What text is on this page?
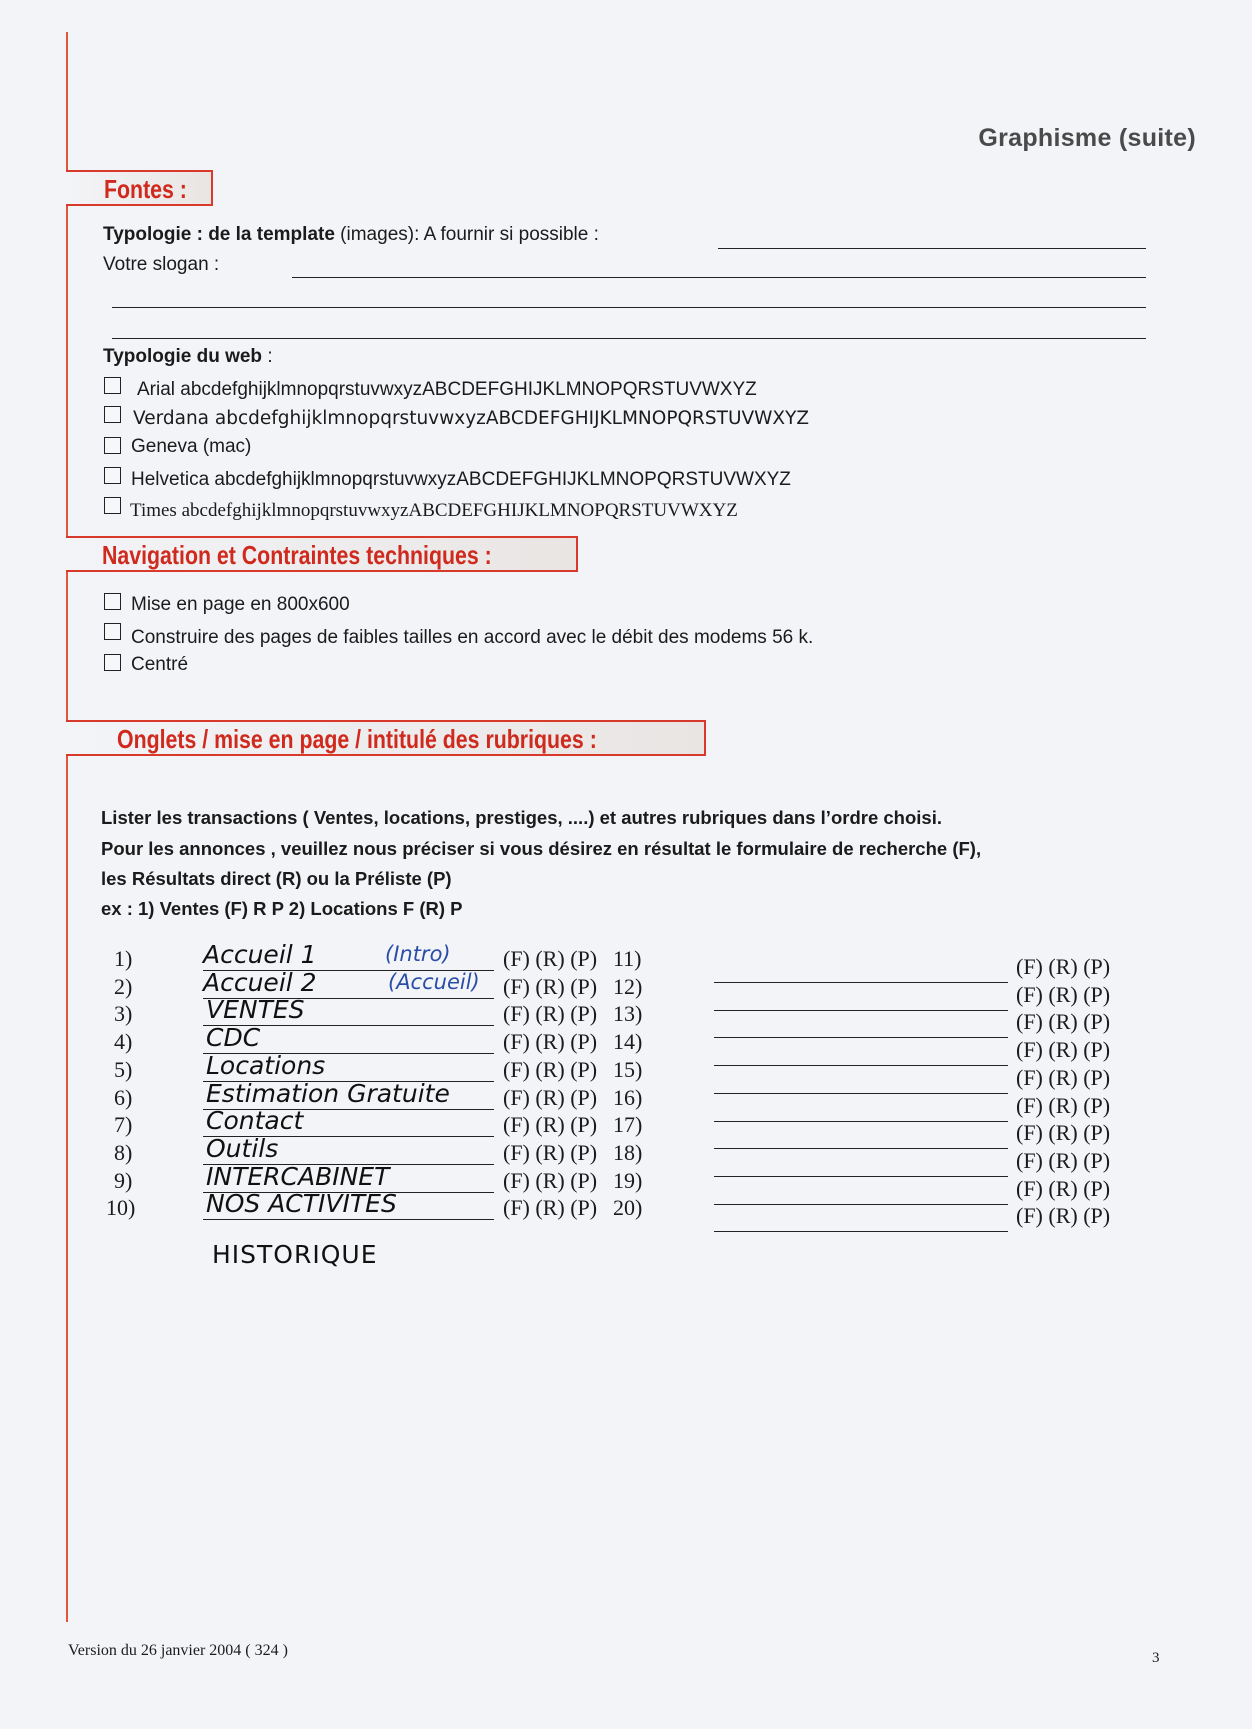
Graphisme (suite)
Fontes :
Typologie : de la template (images): A fournir si possible :
Votre slogan :
Typologie du web :
Arial abcdefghijklmnopqrstuvwxyzABCDEFGHIJKLMNOPQRSTUVWXYZ
Verdana abcdefghijklmnopqrstuvwxyzABCDEFGHIJKLMNOPQRSTUVWXYZ
Geneva (mac)
Helvetica abcdefghijklmnopqrstuvwxyzABCDEFGHIJKLMNOPQRSTUVWXYZ
Times abcdefghijklmnopqrstuvwxyzABCDEFGHIJKLMNOPQRSTUVWXYZ
Navigation et Contraintes techniques :
Mise en page en 800x600
Construire des pages de faibles tailles en accord avec le débit des modems 56 k.
Centré
Onglets / mise en page / intitulé des rubriques :
Lister les transactions ( Ventes, locations, prestiges, ....) et autres rubriques dans l’ordre choisi.
Pour les annonces , veuillez nous préciser si vous désirez en résultat le formulaire de recherche (F),
les Résultats direct (R) ou la Préliste (P)
ex : 1) Ventes (F) R P 2) Locations F (R) P
1)	Accueil 1	(Intro) (F) (R) (P) 11)	(F) (R) (P)
2)	Accueil 2	(Accueil) (F) (R) (P) 12)	(F) (R) (P)
3)	VENTES	(F) (R) (P) 13)	(F) (R) (P)
4)	CDC	(F) (R) (P) 14)	(F) (R) (P)
5)	Locations	(F) (R) (P) 15)	(F) (R) (P)
6)	Estimation Gratuite (F) (R) (P) 16)	(F) (R) (P)
7)	Contact	(F) (R) (P) 17)	(F) (R) (P)
8)	Outils	(F) (R) (P) 18)	(F) (R) (P)
9)	INTERCABINET	(F) (R) (P) 19)	(F) (R) (P)
10)	NOS ACTIVITES	(F) (R) (P) 20)	(F) (R) (P)
HISTORIQUE
Version du 26 janvier 2004 ( 324 )	3
